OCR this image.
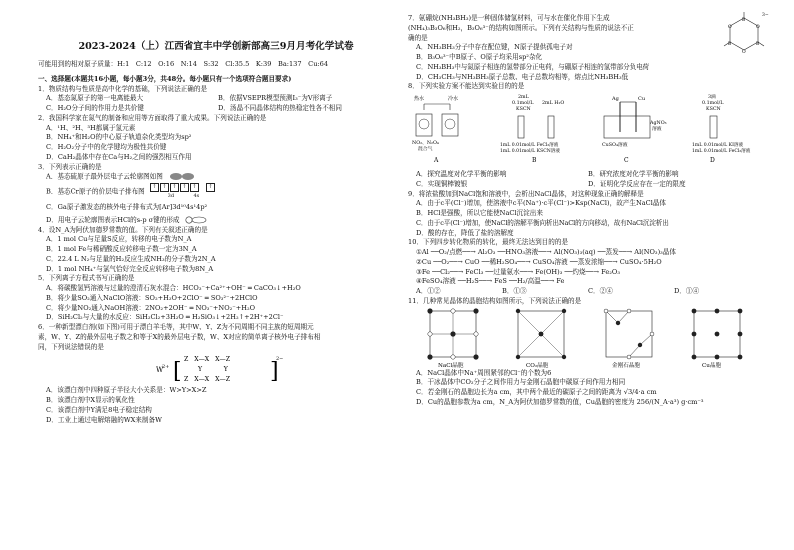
2023-2024（上）江西省宜丰中学创新部高三9月月考化学试卷
可能用到的相对原子质量：H:1　C:12　O:16　N:14　S:32　Cl:35.5　K:39　Ba:137　Cu:64
一、选择题(本题共16小题，每小题3分，共48分。每小题只有一个选项符合题目要求)
1．物质结构与性质是高中化学的基础，下列说法正确的是
A．基态氮原子的第一电离能最大	B．依据VSEPR模型预测I₃⁻为V形离子
C．H₂O分子间的作用力是共价键	D．汤晶不同晶体结构的热稳定性各不相同
2．我国科学家在氮气的制备和应用等方面取得了重大成果。下列说法正确的是
A．¹H、²H、³H都属于氢元素
B．NH₄⁺和H₂O的中心原子轨道杂化类型均为sp²
C．H₂O₂分子中的化学键均为极性共价键
D．CaH₂晶体中存在Ca与H₂之间的强烈相互作用
3．下列表示正确的是
A．基态硫原子最外层电子云轮廓图如图
B．基态Cr原子的价层电子排布图 ↑ ↑ ↑ ↑ ↑ ↑
3d	4s
C．Ga原子激发态的核外电子排布式为[Ar]3d¹⁰4s¹4p²
D．用电子云轮廓图表示HCl的s-p σ键的形成
4．设N_A为阿伏加德罗常数的值。下列有关叙述正确的是
A．1 mol Cu与足量S反应，转移的电子数为N_A
B．1 mol Fe与稀硝酸反应转移电子数一定为3N_A
C．22.4 L N₂与足量的H₂反应生成NH₃的分子数为2N_A
D．1 mol NH₄⁺与氯气恰好完全反应转移电子数为8N_A
5．下列离子方程式书写正确的是
A．将碳酸氢钙溶液与过量的澄清石灰水混合：HCO₃⁻+Ca²⁺+OH⁻ ═ CaCO₃↓+H₂O
B．将少量SO₂通入NaClO溶液：SO₂+H₂O+2ClO⁻ ═ SO₃²⁻+2HClO
C．将少量NO₂通入NaOH溶液：2NO₂+2OH⁻ ═ NO₃⁻+NO₂⁻+H₂O
D．SiH₂Cl₂与大量的水反应：SiH₂Cl₂+3H₂O ═ H₂SiO₃↓+2H₂↑+2H⁺+2Cl⁻
6．一种新型漂白剂(如下图)可用于漂白羊毛等，其中W、Y、Z为不同周期不同主族的短周期元
素，W、Y、Z的最外层电子数之和等于X的最外层电子数，W、X对应的简单离子核外电子排布相
同，下列说法错误的是
W
2+ [ Z   X—X   X—Z
Y           Y
Z   X—X   X—Z ]
2−
A．该漂白剂中四种原子半径大小关系是：W>Y>X>Z
B．该漂白剂中X显示的氧化性
C．该漂白剂中Y满足8电子稳定结构
D．工业上通过电解熔融的WX来制备W
7．氨硼烷(NH₃BH₃)是一种固体储氢材料，可与水在催化作用下生成
(NH₄)₃B₃O₆和H₂，B₃O₆³⁻的结构如图所示。下列有关结构与性质的说法不正
确的是
B
B
B
O
O
O
3−
A．NH₃BH₃分子中存在配位键，N原子提供孤电子对
B．B₃O₆³⁻中B原子、O原子均采用sp²杂化
C．NH₃BH₃中与氮原子相连的氢带部分正电荷，与硼原子相连的氢带部分负电荷
D．CH₃CH₃与NH₃BH₃原子总数、电子总数均相等，熔点比NH₃BH₃低
8．下列实验方案不能达到实验目的的是
热水	冷水
NO₂、N₂O₄
混合气
A
2mL
0.1mol/L
KSCN
2mL H₂O
1mL 0.01mol/L FeCl₃溶液
1mL 0.01mol/L KSCN溶液
B
Ag	Cu
AgNO₃
溶液
CuSO₄溶液
C
3滴
0.1mol/L
KSCN
1mL 0.01mol/L KI溶液
1mL 0.01mol/L FeCl₃溶液
D
A．探究温度对化学平衡的影响	B．研究浓度对化学平衡的影响
C．实现铜棒镀银	D．证明化学反应存在一定的限度
9．将浓盐酸加到NaCl饱和溶液中，会析出NaCl晶体，对这种现象正确的解释是
A．由于c平(Cl⁻)增加，使溶液中c平(Na⁺)·c平(Cl⁻)>Ksp(NaCl)，故产生NaCl晶体
B．HCl是强酸，所以它能使NaCl沉淀出来
C．由于c平(Cl⁻)增加，使NaCl的溶解平衡向析出NaCl的方向移动，故有NaCl沉淀析出
D．酸的存在，降低了盐的溶解度
10．下列四步转化物质的转化，最终无法达到目的的是
①Al ──O₂/点燃──→ Al₂O₃ ──HNO₃溶液──→ Al(NO₃)₃(aq) ──蒸发──→ Al(NO₃)₃晶体
②Cu ──O₂──→ CuO ──稀H₂SO₄──→ CuSO₄溶液 ──蒸发浓缩──→ CuSO₄·5H₂O
③Fe ──Cl₂──→ FeCl₃ ──过量氨水──→ Fe(OH)₃ ──灼烧──→ Fe₂O₃
④FeSO₄溶液 ──H₂S──→ FeS ──H₂/高温──→ Fe
A．①②	B．①③	C．②④	D．①④
11．几种常见晶体的晶胞结构如图所示，下列说法正确的是
NaCl晶胞	CO₂晶胞	金刚石晶胞	Cu晶胞
A．NaCl晶体中Na⁺周围紧邻的Cl⁻的个数为6
B．干冰晶体中CO₂分子之间作用力与金刚石晶胞中碳原子间作用力相同
C．若金刚石的晶胞边长为a cm，其中两个最近的碳原子之间的距离为 √3/4·a cm
D．Cu的晶胞参数为a cm，N_A为阿伏加德罗常数的值，Cu晶胞的密度为 256/(N_A·a³) g·cm⁻³
